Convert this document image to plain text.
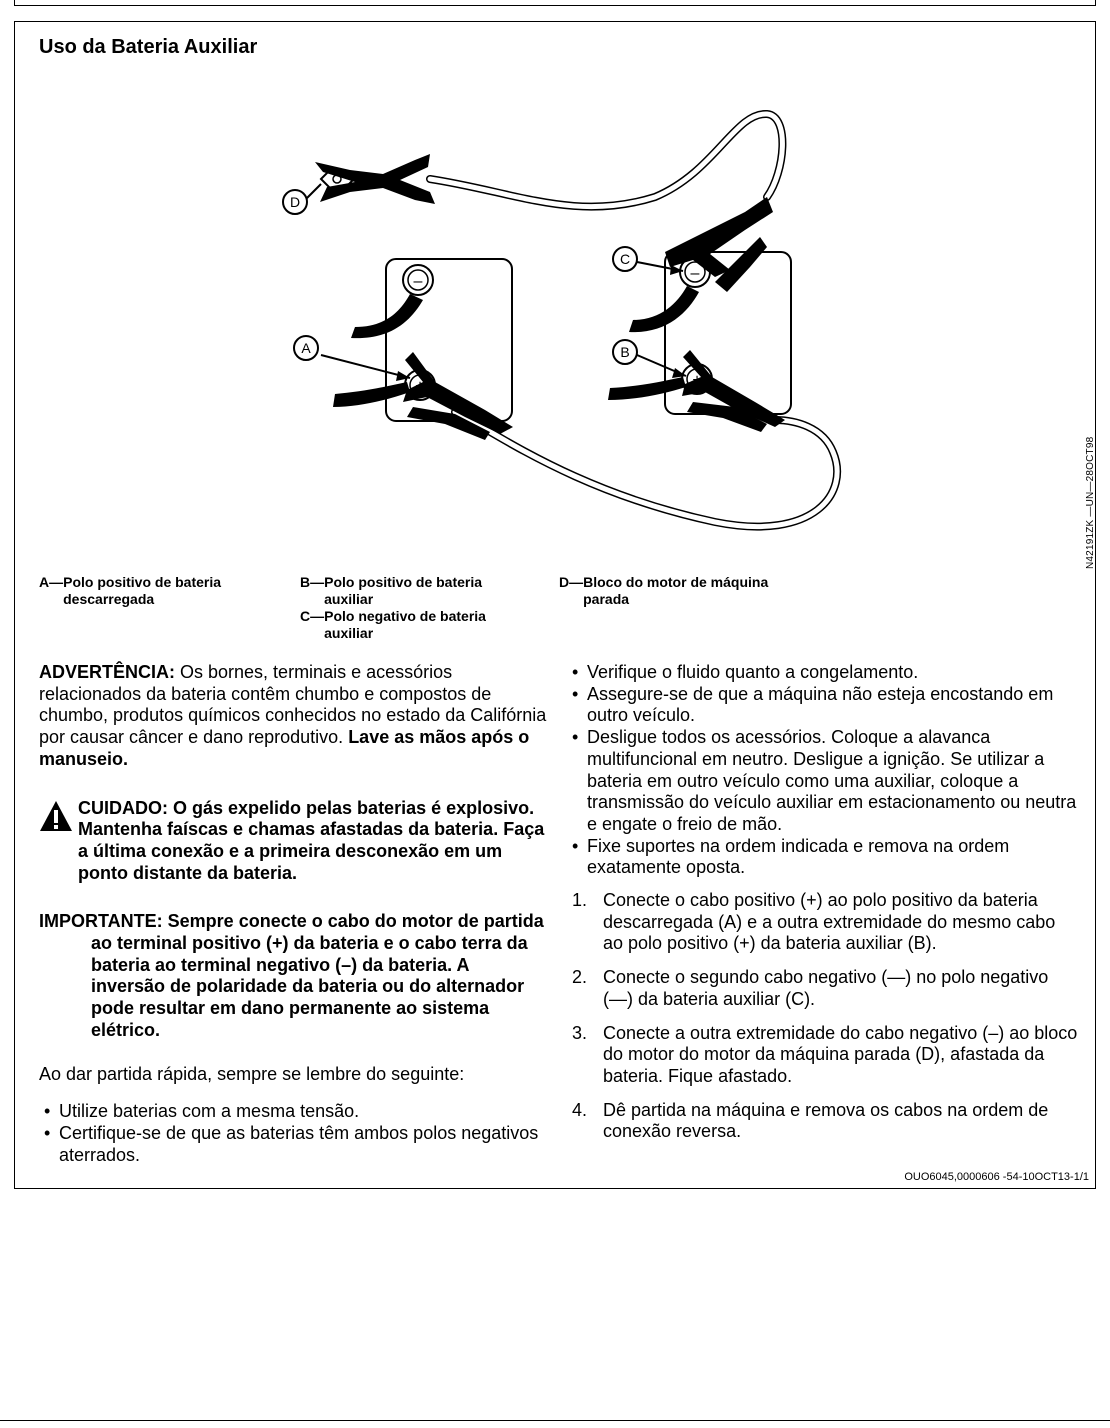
Uso da Bateria Auxiliar
–	–
A	B
C
D
N42191ZK —UN—28OCT98

A— Polo positivo de bateria descarregada

B— Polo positivo de bateria auxiliar

C— Polo negativo de bateria auxiliar

D— Bloco do motor de máquina parada

ADVERTÊNCIA: Os bornes, terminais e acessórios relacionados da bateria contêm chumbo e compostos de chumbo, produtos químicos conhecidos no estado da Califórnia por causar câncer e dano reprodutivo. Lave as mãos após o manuseio.

CUIDADO: O gás expelido pelas baterias é explosivo. Mantenha faíscas e chamas afastadas da bateria. Faça a última conexão e a primeira desconexão em um ponto distante da bateria.

IMPORTANTE: Sempre conecte o cabo do motor de partida ao terminal positivo (+) da bateria e o cabo terra da bateria ao terminal negativo (–) da bateria. A inversão de polaridade da bateria ou do alternador pode resultar em dano permanente ao sistema elétrico.

Ao dar partida rápida, sempre se lembre do seguinte:

• Utilize baterias com a mesma tensão.
• Certifique-se de que as baterias têm ambos polos negativos aterrados.
• Verifique o fluido quanto a congelamento.
• Assegure-se de que a máquina não esteja encostando em outro veículo.
• Desligue todos os acessórios. Coloque a alavanca multifuncional em neutro. Desligue a ignição. Se utilizar a bateria em outro veículo como uma auxiliar, coloque a transmissão do veículo auxiliar em estacionamento ou neutra e engate o freio de mão.
• Fixe suportes na ordem indicada e remova na ordem exatamente oposta.
1. Conecte o cabo positivo (+) ao polo positivo da bateria descarregada (A) e a outra extremidade do mesmo cabo ao polo positivo (+) da bateria auxiliar (B).
2. Conecte o segundo cabo negativo (—) no polo negativo (—) da bateria auxiliar (C).
3. Conecte a outra extremidade do cabo negativo (–) ao bloco do motor do motor da máquina parada (D), afastada da bateria. Fique afastado.
4. Dê partida na máquina e remova os cabos na ordem de conexão reversa.
OUO6045,0000606 -54-10OCT13-1/1
